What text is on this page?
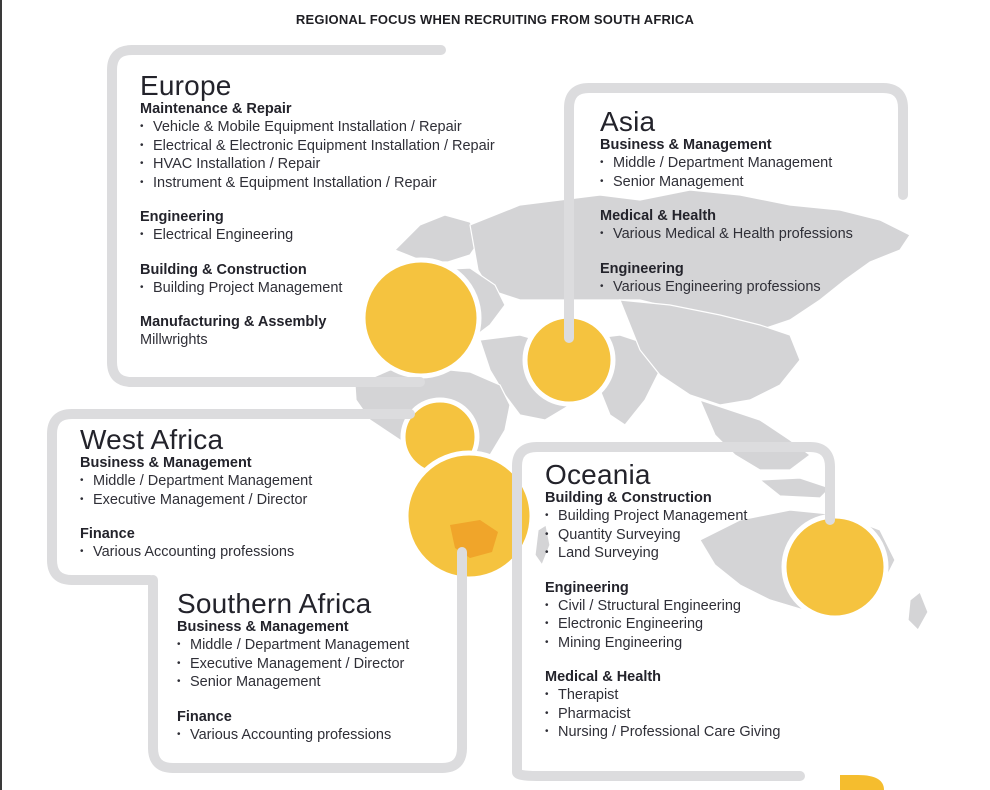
REGIONAL FOCUS WHEN RECRUITING FROM SOUTH AFRICA
Europe
Maintenance & Repair
• Vehicle & Mobile Equipment Installation / Repair
• Electrical & Electronic Equipment Installation / Repair
• HVAC Installation / Repair
• Instrument & Equipment Installation / Repair
Engineering
• Electrical Engineering
Building & Construction
• Building Project Management
Manufacturing & Assembly
Millwrights
Asia
Business & Management
• Middle / Department Management
• Senior Management
Medical & Health
• Various Medical & Health professions
Engineering
• Various Engineering professions
West Africa
Business & Management
• Middle / Department Management
• Executive Management / Director
Finance
• Various Accounting professions
Southern Africa
Business & Management
• Middle / Department Management
• Executive Management / Director
• Senior Management
Finance
• Various Accounting professions
Oceania
Building & Construction
• Building Project Management
• Quantity Surveying
• Land Surveying
Engineering
• Civil / Structural Engineering
• Electronic Engineering
• Mining Engineering
Medical & Health
• Therapist
• Pharmacist
• Nursing / Professional Care Giving
